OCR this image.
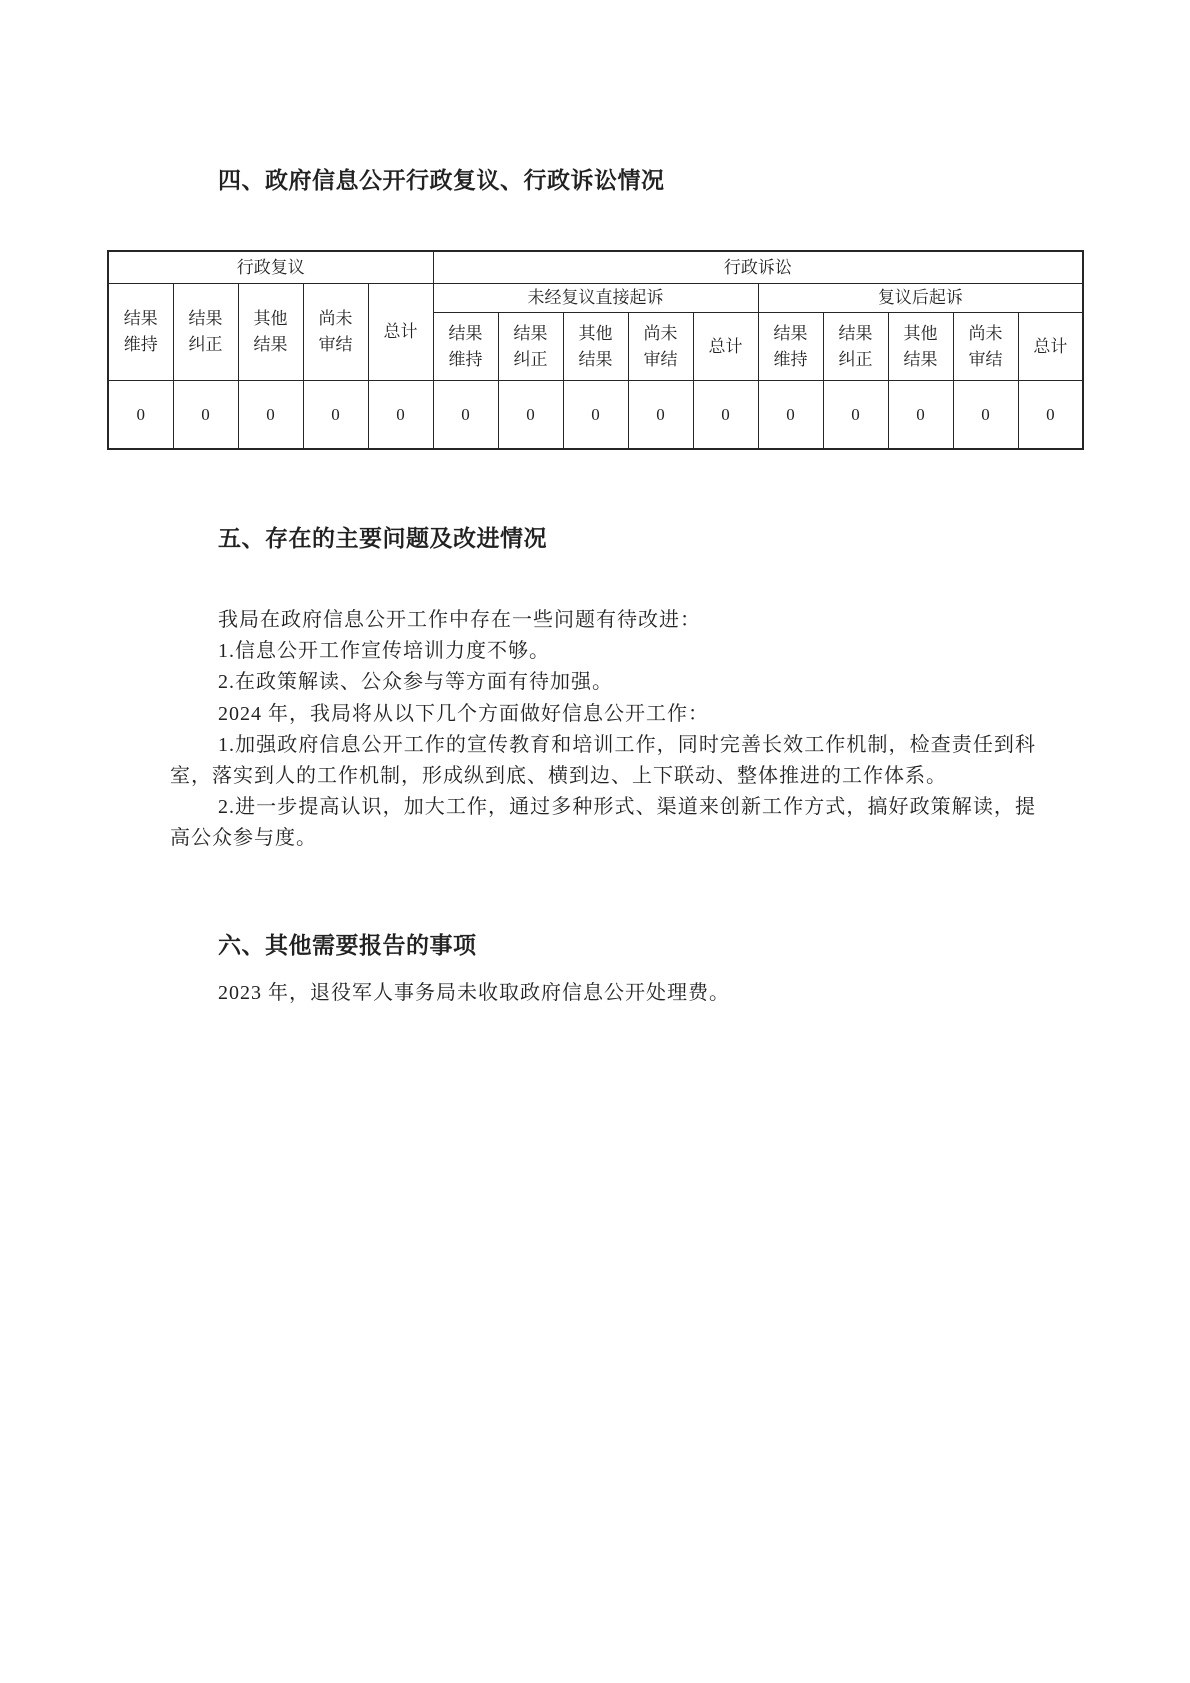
四、政府信息公开行政复议、行政诉讼情况
行政复议					行政诉讼									
结果维持	结果纠正	其他结果	尚未审结	总计	未经复议直接起诉					复议后起诉				
					结果维持	结果纠正	其他结果	尚未审结	总计	结果维持	结果纠正	其他结果	尚未审结	总计
0	0	0	0	0	0	0	0	0	0	0	0	0	0	0
五、存在的主要问题及改进情况

我局在政府信息公开工作中存在一些问题有待改进：

1.信息公开工作宣传培训力度不够。

2.在政策解读、公众参与等方面有待加强。

2024 年，我局将从以下几个方面做好信息公开工作：

1.加强政府信息公开工作的宣传教育和培训工作，同时完善长效工作机制，检查责任到科室，落实到人的工作机制，形成纵到底、横到边、上下联动、整体推进的工作体系。

2.进一步提高认识，加大工作，通过多种形式、渠道来创新工作方式，搞好政策解读，提高公众参与度。

六、其他需要报告的事项

2023 年，退役军人事务局未收取政府信息公开处理费。
